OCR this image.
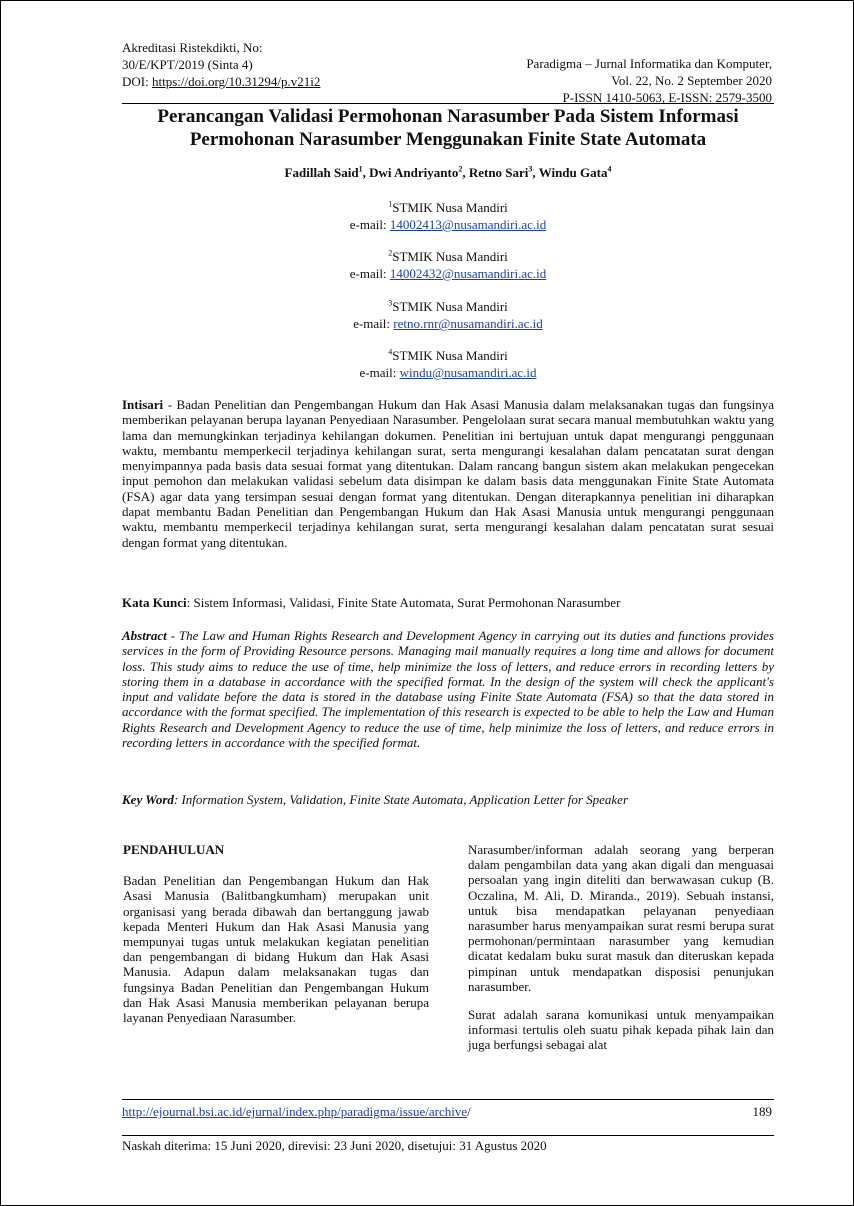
Akreditasi Ristekdikti, No:
30/E/KPT/2019 (Sinta 4)
DOI: https://doi.org/10.31294/p.v21i2
Paradigma – Jurnal Informatika dan Komputer,
Vol. 22, No. 2 September 2020
P-ISSN 1410-5063, E-ISSN: 2579-3500
Perancangan Validasi Permohonan Narasumber Pada Sistem Informasi
Permohonan Narasumber Menggunakan Finite State Automata
Fadillah Said$^1$, Dwi Andriyanto$^2$, Retno Sari$^3$, Windu Gata$^4$
$^1$STMIK Nusa Mandiri
e-mail: 14002413@nusamandiri.ac.id
$^2$STMIK Nusa Mandiri
e-mail: 14002432@nusamandiri.ac.id
$^3$STMIK Nusa Mandiri
e-mail: retno.rnr@nusamandiri.ac.id
$^4$STMIK Nusa Mandiri
e-mail: windu@nusamandiri.ac.id
Intisari - Badan Penelitian dan Pengembangan Hukum dan Hak Asasi Manusia dalam melaksanakan tugas dan fungsinya memberikan pelayanan berupa layanan Penyediaan Narasumber. Pengelolaan surat secara manual membutuhkan waktu yang lama dan memungkinkan terjadinya kehilangan dokumen. Penelitian ini bertujuan untuk dapat mengurangi penggunaan waktu, membantu memperkecil terjadinya kehilangan surat, serta mengurangi kesalahan dalam pencatatan surat dengan menyimpannya pada basis data sesuai format yang ditentukan. Dalam rancang bangun sistem akan melakukan pengecekan input pemohon dan melakukan validasi sebelum data disimpan ke dalam basis data menggunakan Finite State Automata (FSA) agar data yang tersimpan sesuai dengan format yang ditentukan. Dengan diterapkannya penelitian ini diharapkan dapat membantu Badan Penelitian dan Pengembangan Hukum dan Hak Asasi Manusia untuk mengurangi penggunaan waktu, membantu memperkecil terjadinya kehilangan surat, serta mengurangi kesalahan dalam pencatatan surat sesuai dengan format yang ditentukan.
Kata Kunci: Sistem Informasi, Validasi, Finite State Automata, Surat Permohonan Narasumber
Abstract - The Law and Human Rights Research and Development Agency in carrying out its duties and functions provides services in the form of Providing Resource persons. Managing mail manually requires a long time and allows for document loss. This study aims to reduce the use of time, help minimize the loss of letters, and reduce errors in recording letters by storing them in a database in accordance with the specified format. In the design of the system will check the applicant's input and validate before the data is stored in the database using Finite State Automata (FSA) so that the data stored in accordance with the format specified. The implementation of this research is expected to be able to help the Law and Human Rights Research and Development Agency to reduce the use of time, help minimize the loss of letters, and reduce errors in recording letters in accordance with the specified format.
Key Word: Information System, Validation, Finite State Automata, Application Letter for Speaker
PENDAHULUAN

Badan Penelitian dan Pengembangan Hukum dan Hak Asasi Manusia (Balitbangkumham) merupakan unit organisasi yang berada dibawah dan bertanggung jawab kepada Menteri Hukum dan Hak Asasi Manusia yang mempunyai tugas untuk melakukan kegiatan penelitian dan pengembangan di bidang Hukum dan Hak Asasi Manusia. Adapun dalam melaksanakan tugas dan fungsinya Badan Penelitian dan Pengembangan Hukum dan Hak Asasi Manusia memberikan pelayanan berupa layanan Penyediaan Narasumber.

Narasumber/informan adalah seorang yang berperan dalam pengambilan data yang akan digali dan menguasai persoalan yang ingin diteliti dan berwawasan cukup (B. Oczalina, M. Ali, D. Miranda., 2019). Sebuah instansi, untuk bisa mendapatkan pelayanan penyediaan narasumber harus menyampaikan surat resmi berupa surat permohonan/permintaan narasumber yang kemudian dicatat kedalam buku surat masuk dan diteruskan kepada pimpinan untuk mendapatkan disposisi penunjukan narasumber.

Surat adalah sarana komunikasi untuk menyampaikan informasi tertulis oleh suatu pihak kepada pihak lain dan juga berfungsi sebagai alat

http://ejournal.bsi.ac.id/ejurnal/index.php/paradigma/issue/archive/	189
Naskah diterima: 15 Juni 2020, direvisi: 23 Juni 2020, disetujui: 31 Agustus 2020
